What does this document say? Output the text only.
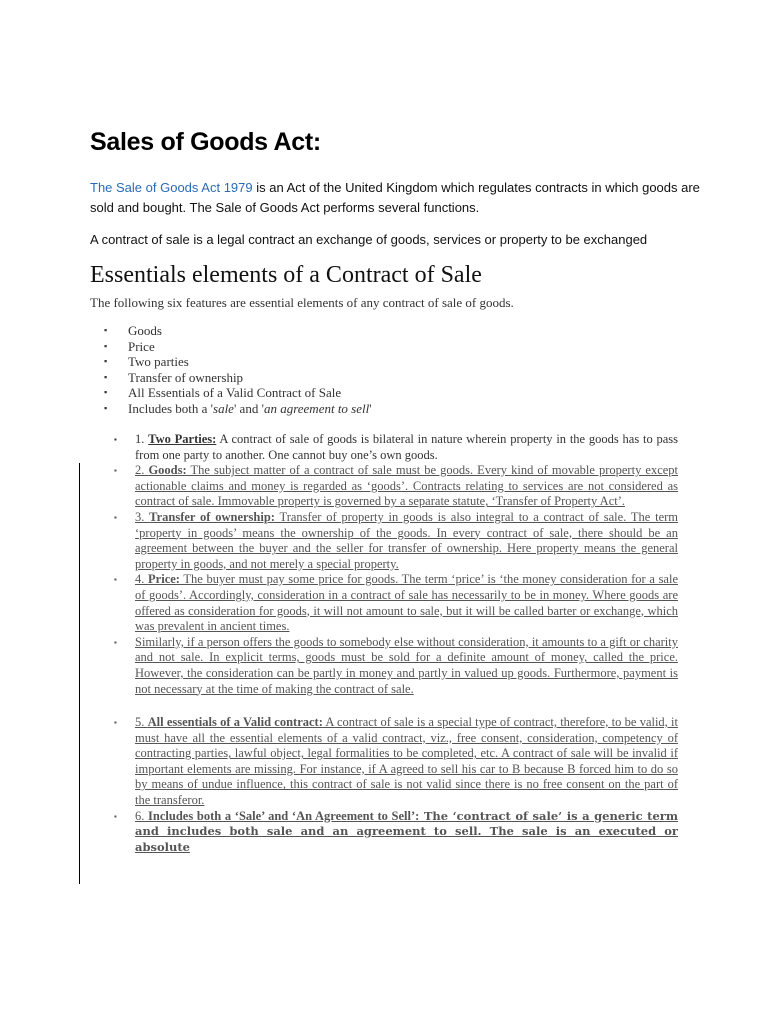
Sales of Goods Act:

The Sale of Goods Act 1979 is an Act of the United Kingdom which regulates contracts in which goods are sold and bought. The Sale of Goods Act performs several functions.

A contract of sale is a legal contract an exchange of goods, services or property to be exchanged

Essentials elements of a Contract of Sale

The following six features are essential elements of any contract of sale of goods.

▪ Goods
▪ Price
▪ Two parties
▪ Transfer of ownership
▪ All Essentials of a Valid Contract of Sale
▪ Includes both a 'sale' and 'an agreement to sell'
▪ 1. Two Parties: A contract of sale of goods is bilateral in nature wherein property in the goods has to pass from one party to another. One cannot buy one’s own goods.
▪ 2. Goods: The subject matter of a contract of sale must be goods. Every kind of movable property except actionable claims and money is regarded as ‘goods’. Contracts relating to services are not considered as contract of sale. Immovable property is governed by a separate statute, ‘Transfer of Property Act’.
▪ 3. Transfer of ownership: Transfer of property in goods is also integral to a contract of sale. The term ‘property in goods’ means the ownership of the goods. In every contract of sale, there should be an agreement between the buyer and the seller for transfer of ownership. Here property means the general property in goods, and not merely a special property.
▪ 4. Price: The buyer must pay some price for goods. The term ‘price’ is ‘the money consideration for a sale of goods’. Accordingly, consideration in a contract of sale has necessarily to be in money. Where goods are offered as consideration for goods, it will not amount to sale, but it will be called barter or exchange, which was prevalent in ancient times.
▪ Similarly, if a person offers the goods to somebody else without consideration, it amounts to a gift or charity and not sale. In explicit terms, goods must be sold for a definite amount of money, called the price. However, the consideration can be partly in money and partly in valued up goods. Furthermore, payment is not necessary at the time of making the contract of sale.
▪ 5. All essentials of a Valid contract: A contract of sale is a special type of contract, therefore, to be valid, it must have all the essential elements of a valid contract, viz., free consent, consideration, competency of contracting parties, lawful object, legal formalities to be completed, etc. A contract of sale will be invalid if important elements are missing. For instance, if A agreed to sell his car to B because B forced him to do so by means of undue influence, this contract of sale is not valid since there is no free consent on the part of the transferor.
▪ 6. Includes both a ‘Sale’ and ‘An Agreement to Sell’: The ‘contract of sale’ is a generic term and includes both sale and an agreement to sell. The sale is an executed or absolute
